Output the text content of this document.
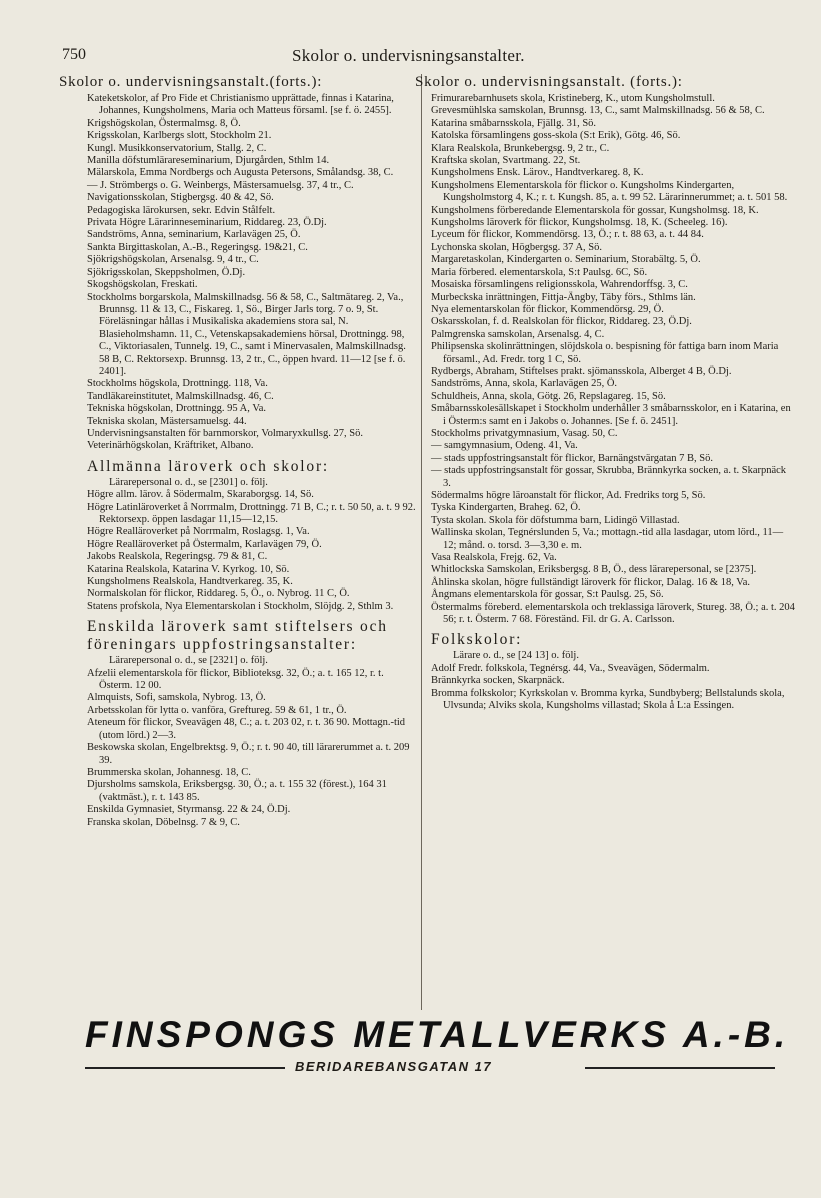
750	Skolor o. undervisningsanstalter.
Skolor o. undervisningsanstalt.(forts.):
Kateketskolor, af Pro Fide et Christianismo upprättade, finnas i Katarina, Johannes, Kungsholmens, Maria och Matteus församl. [se f. ö. 2455].
Krigshögskolan, Östermalmsg. 8, Ö.
Krigsskolan, Karlbergs slott, Stockholm 21.
Kungl. Musikkonservatorium, Stallg. 2, C.
Manilla döfstumlärareseminarium, Djurgården, Sthlm 14.
Mälarskola, Emma Nordbergs och Augusta Petersons, Smålandsg. 38, C.
— J. Strömbergs o. G. Weinbergs, Mästersamuelsg. 37, 4 tr., C.
Navigationsskolan, Stigbergsg. 40 & 42, Sö.
Pedagogiska lärokursen, sekr. Edvin Stålfelt.
Privata Högre Lärarinneseminarium, Riddareg. 23, Ö.Dj.
Sandströms, Anna, seminarium, Karlavägen 25, Ö.
Sankta Birgittaskolan, A.-B., Regeringsg. 19&21, C.
Sjökrigshögskolan, Arsenalsg. 9, 4 tr., C.
Sjökrigsskolan, Skeppsholmen, Ö.Dj.
Skogshögskolan, Freskati.
Stockholms borgarskola, Malmskillnadsg. 56 & 58, C., Saltmätareg. 2, Va., Brunnsg. 11 & 13, C., Fiskareg. 1, Sö., Birger Jarls torg. 7 o. 9, St. Föreläsningar hållas i Musikaliska akademiens stora sal, N. Blasieholmshamn. 11, C., Vetenskapsakademiens hörsal, Drottningg. 98, C., Viktoriasalen, Tunnelg. 19, C., samt i Minervasalen, Malmskillnadsg. 58 B, C. Rektorsexp. Brunnsg. 13, 2 tr., C., öppen hvard. 11—12 [se f. ö. 2401].
Stockholms högskola, Drottningg. 118, Va.
Tandläkareinstitutet, Malmskillnadsg. 46, C.
Tekniska högskolan, Drottningg. 95 A, Va.
Tekniska skolan, Mästersamuelsg. 44.
Undervisningsanstalten för barnmorskor, Volmaryxkullsg. 27, Sö.
Veterinärhögskolan, Kräftriket, Albano.
Allmänna läroverk och skolor:
Lärarepersonal o. d., se [2301] o. följ.
Högre allm. lärov. å Södermalm, Skaraborgsg. 14, Sö.
Högre Latinläroverket å Norrmalm, Drottningg. 71 B, C.; r. t. 50 50, a. t. 9 92. Rektorsexp. öppen lasdagar 11,15—12,15.
Högre Realläroverket på Norrmalm, Roslagsg. 1, Va.
Högre Realläroverket på Östermalm, Karlavägen 79, Ö.
Jakobs Realskola, Regeringsg. 79 & 81, C.
Katarina Realskola, Katarina V. Kyrkog. 10, Sö.
Kungsholmens Realskola, Handtverkareg. 35, K.
Normalskolan för flickor, Riddareg. 5, Ö., o. Nybrog. 11 C, Ö.
Statens profskola, Nya Elementarskolan i Stockholm, Slöjdg. 2, Sthlm 3.
Enskilda läroverk samt stiftelsers och föreningars uppfostringsanstalter:
Lärarepersonal o. d., se [2321] o. följ.
Afzelii elementarskola för flickor, Biblioteksg. 32, Ö.; a. t. 165 12, r. t. Österm. 12 00.
Almquists, Sofi, samskola, Nybrog. 13, Ö.
Arbetsskolan för lytta o. vanföra, Greftureg. 59 & 61, 1 tr., Ö.
Ateneum för flickor, Sveavägen 48, C.; a. t. 203 02, r. t. 36 90. Mottagn.-tid (utom lörd.) 2—3.
Beskowska skolan, Engelbrektsg. 9, Ö.; r. t. 90 40, till lärarerummet a. t. 209 39.
Brummerska skolan, Johannesg. 18, C.
Djursholms samskola, Eriksbergsg. 30, Ö.; a. t. 155 32 (förest.), 164 31 (vaktmäst.), r. t. 143 85.
Enskilda Gymnasiet, Styrmansg. 22 & 24, Ö.Dj.
Franska skolan, Döbelnsg. 7 & 9, C.
Skolor o. undervisningsanstalt. (forts.):
Frimurarebarnhusets skola, Kristineberg, K., utom Kungsholmstull.
Grevesmühlska samskolan, Brunnsg. 13, C., samt Malmskillnadsg. 56 & 58, C.
Katarina småbarnsskola, Fjällg. 31, Sö.
Katolska församlingens goss-skola (S:t Erik), Götg. 46, Sö.
Klara Realskola, Brunkebergsg. 9, 2 tr., C.
Kraftska skolan, Svartmang. 22, St.
Kungsholmens Ensk. Lärov., Handtverkareg. 8, K.
Kungsholmens Elementarskola för flickor o. Kungsholms Kindergarten, Kungsholmstorg 4, K.; r. t. Kungsh. 85, a. t. 99 52. Lärarinnerummet; a. t. 501 58.
Kungsholmens förberedande Elementarskola för gossar, Kungsholmsg. 18, K.
Kungsholms läroverk för flickor, Kungsholmsg. 18, K. (Scheeleg. 16).
Lyceum för flickor, Kommendörsg. 13, Ö.; r. t. 88 63, a. t. 44 84.
Lychonska skolan, Högbergsg. 37 A, Sö.
Margaretaskolan, Kindergarten o. Seminarium, Storabältg. 5, Ö.
Maria förbered. elementarskola, S:t Paulsg. 6C, Sö.
Mosaiska församlingens religionsskola, Wahrendorffsg. 3, C.
Murbeckska inrättningen, Fittja-Ängby, Täby förs., Sthlms län.
Nya elementarskolan för flickor, Kommendörsg. 29, Ö.
Oskarsskolan, f. d. Realskolan för flickor, Riddareg. 23, Ö.Dj.
Palmgrenska samskolan, Arsenalsg. 4, C.
Philipsenska skolinrättningen, slöjdskola o. bespisning för fattiga barn inom Maria församl., Ad. Fredr. torg 1 C, Sö.
Rydbergs, Abraham, Stiftelses prakt. sjömansskola, Alberget 4 B, Ö.Dj.
Sandströms, Anna, skola, Karlavägen 25, Ö.
Schuldheis, Anna, skola, Götg. 26, Repslagareg. 15, Sö.
Småbarnsskolesällskapet i Stockholm underhåller 3 småbarnsskolor, en i Katarina, en i Österm:s samt en i Jakobs o. Johannes. [Se f. ö. 2451].
Stockholms privatgymnasium, Vasag. 50, C.
— samgymnasium, Odeng. 41, Va.
— stads uppfostringsanstalt för flickor, Barnängstvärgatan 7 B, Sö.
— stads uppfostringsanstalt för gossar, Skrubba, Brännkyrka socken, a. t. Skarpnäck 3.
Södermalms högre läroanstalt för flickor, Ad. Fredriks torg 5, Sö.
Tyska Kindergarten, Braheg. 62, Ö.
Tysta skolan. Skola för döfstumma barn, Lidingö Villastad.
Wallinska skolan, Tegnérslunden 5, Va.; mottagn.-tid alla lasdagar, utom lörd., 11—12; månd. o. torsd. 3—3,30 e. m.
Vasa Realskola, Frejg. 62, Va.
Whitlockska Samskolan, Eriksbergsg. 8 B, Ö., dess lärarepersonal, se [2375].
Åhlinska skolan, högre fullständigt läroverk för flickor, Dalag. 16 & 18, Va.
Ångmans elementarskola för gossar, S:t Paulsg. 25, Sö.
Östermalms föreberd. elementarskola och treklassiga läroverk, Stureg. 38, Ö.; a. t. 204 56; r. t. Österm. 7 68. Föreständ. Fil. dr G. A. Carlsson.
Folkskolor:
Lärare o. d., se [24 13] o. följ.
Adolf Fredr. folkskola, Tegnérsg. 44, Va., Sveavägen, Södermalm.
Brännkyrka socken, Skarpnäck.
Bromma folkskolor; Kyrkskolan v. Bromma kyrka, Sundbyberg; Bellstalunds skola, Ulvsunda; Alviks skola, Kungsholms villastad; Skola å L:a Essingen.
FINSPONGS METALLVERKS A.-B.
BERIDAREBANSGATAN 17
